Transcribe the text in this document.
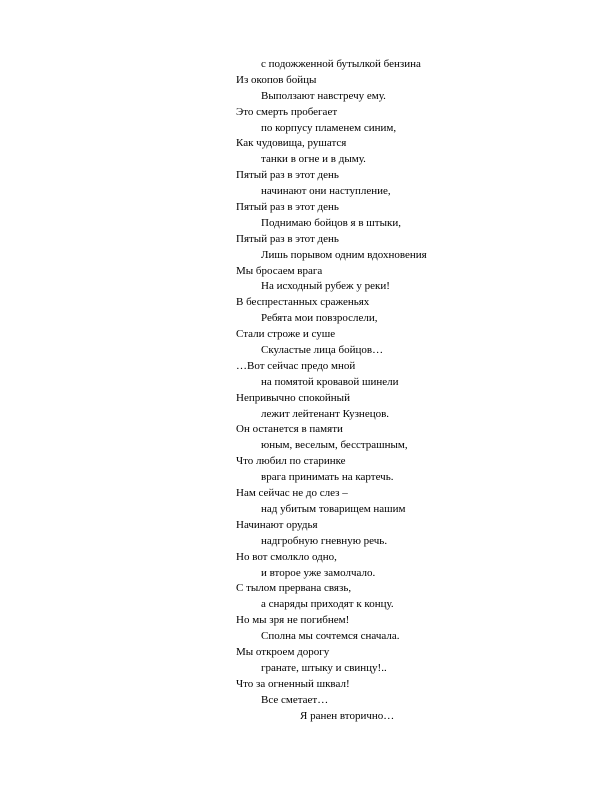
с подожженной бутылкой бензина
Из окопов бойцы
Выползают навстречу ему.
Это смерть пробегает
по корпусу пламенем синим,
Как чудовища, рушатся
танки в огне и в дыму.
Пятый раз в этот день
начинают они наступление,
Пятый раз в этот день
Поднимаю бойцов я в штыки,
Пятый раз в этот день
Лишь порывом одним вдохновения
Мы бросаем врага
На исходный рубеж у реки!
В беспрестанных сраженьях
Ребята мои повзрослели,
Стали строже и суше
Скуластые лица бойцов…
…Вот сейчас предо мной
на помятой кровавой шинели
Непривычно спокойный
лежит лейтенант Кузнецов.
Он останется в памяти
юным, веселым, бесстрашным,
Что любил по старинке
врага принимать на картечь.
Нам сейчас не до слез –
над убитым товарищем нашим
Начинают орудья
надгробную гневную речь.
Но вот смолкло одно,
и второе уже замолчало.
С тылом прервана связь,
а снаряды приходят к концу.
Но мы зря не погибнем!
Сполна мы сочтемся сначала.
Мы откроем дорогу
гранате, штыку и свинцу!..
Что за огненный шквал!
Все сметает…
Я ранен вторично…
